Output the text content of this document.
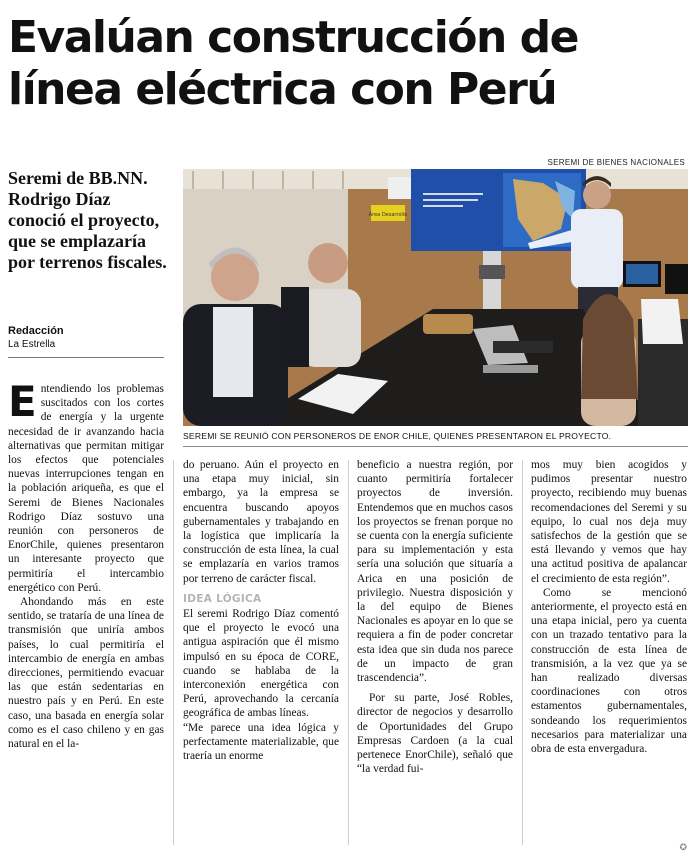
Evalúan construcción de línea eléctrica con Perú
Seremi de BB.NN. Rodrigo Díaz conoció el proyecto, que se emplazaría por terrenos fiscales.
Redacción
La Estrella
SEREMI DE BIENES NACIONALES
Área Desarrollo
SEREMI SE REUNIÓ CON PERSONEROS DE ENOR CHILE, QUIENES PRESENTARON EL PROYECTO.

Entendiendo los problemas suscitados con los cortes de energía y la urgente necesidad de ir avanzando hacia alternativas que permitan mitigar los efectos que potenciales nuevas interrupciones tengan en la población ariqueña, es que el Seremi de Bienes Nacionales Rodrigo Díaz sostuvo una reunión con personeros de EnorChile, quienes presentaron un interesante proyecto que permitiría el intercambio energético con Perú.

Ahondando más en este sentido, se trataría de una línea de transmisión que uniría ambos países, lo cual permitiría el intercambio de energía en ambas direcciones, permitiendo evacuar las que están sedentarias en nuestro país y en Perú. En este caso, una basada en energía solar como es el caso chileno y en gas natural en el la-

do peruano. Aún el proyecto en una etapa muy inicial, sin embargo, ya la empresa se encuentra buscando apoyos gubernamentales y trabajando en la logística que implicaría la construcción de esta línea, la cual se emplazaría en varios tramos por terreno de carácter fiscal.

IDEA LÓGICA

El seremi Rodrigo Díaz comentó que el proyecto le evocó una antigua aspiración que él mismo impulsó en su época de CORE, cuando se hablaba de la interconexión energética con Perú, aprovechando la cercanía geográfica de ambas líneas.

“Me parece una idea lógica y perfectamente materializable, que traería un enorme

beneficio a nuestra región, por cuanto permitiría fortalecer proyectos de inversión. Entendemos que en muchos casos los proyectos se frenan porque no se cuenta con la energía suficiente para su implementación y esta sería una solución que situaría a Arica en una posición de privilegio. Nuestra disposición y la del equipo de Bienes Nacionales es apoyar en lo que se requiera a fin de poder concretar esta idea que sin duda nos parece de un impacto de gran trascendencia”.

Por su parte, José Robles, director de negocios y desarrollo de Oportunidades del Grupo Empresas Cardoen (a la cual pertenece EnorChile), señaló que “la verdad fui-

mos muy bien acogidos y pudimos presentar nuestro proyecto, recibiendo muy buenas recomendaciones del Seremi y su equipo, lo cual nos deja muy satisfechos de la gestión que se está llevando y vemos que hay una actitud positiva de apalancar el crecimiento de esta región”.

Como se mencionó anteriormente, el proyecto está en una etapa inicial, pero ya cuenta con un trazado tentativo para la construcción de esta línea de transmisión, a la vez que ya se han realizado diversas coordinaciones con otros estamentos gubernamentales, sondeando los requerimientos necesarios para materializar una obra de esta envergadura.

✪
